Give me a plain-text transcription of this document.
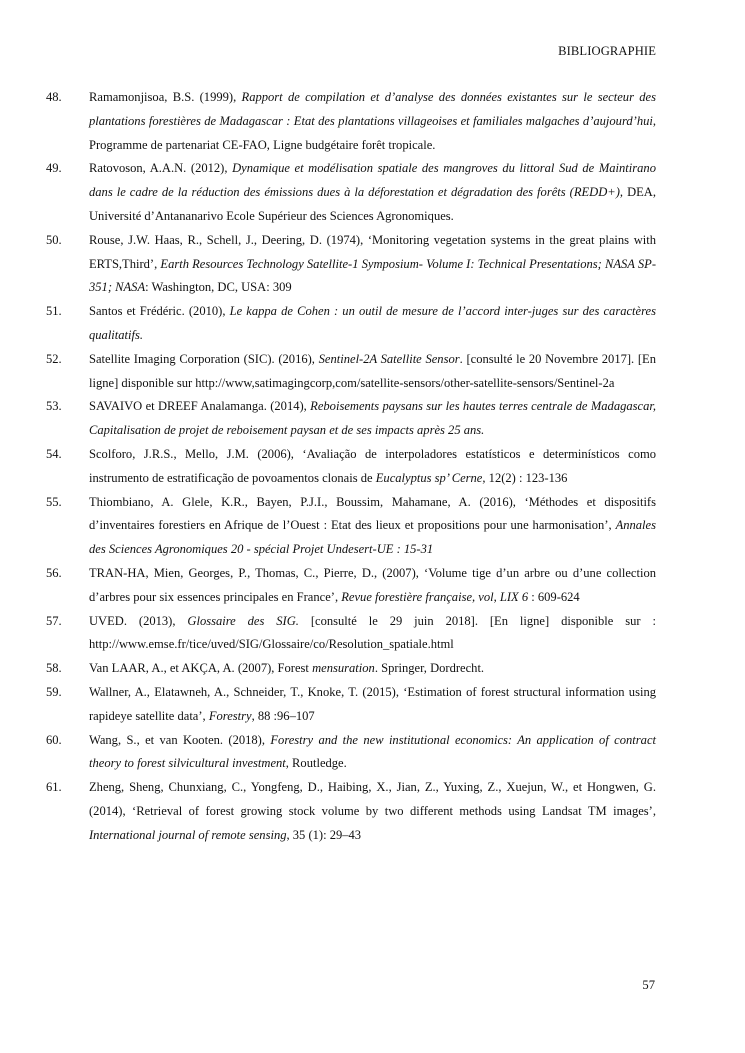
BIBLIOGRAPHIE
48. Ramamonjisoa, B.S. (1999), Rapport de compilation et d’analyse des données existantes sur le secteur des plantations forestières de Madagascar : Etat des plantations villageoises et familiales malgaches d’aujourd’hui, Programme de partenariat CE-FAO, Ligne budgétaire forêt tropicale.
49. Ratovoson, A.A.N. (2012), Dynamique et modélisation spatiale des mangroves du littoral Sud de Maintirano dans le cadre de la réduction des émissions dues à la déforestation et dégradation des forêts (REDD+), DEA, Université d’Antananarivo Ecole Supérieur des Sciences Agronomiques.
50. Rouse, J.W. Haas, R., Schell, J., Deering, D. (1974), ‘Monitoring vegetation systems in the great plains with ERTS,Third’, Earth Resources Technology Satellite-1 Symposium- Volume I: Technical Presentations; NASA SP-351; NASA: Washington, DC, USA: 309
51. Santos et Frédéric. (2010), Le kappa de Cohen : un outil de mesure de l’accord inter-juges sur des caractères qualitatifs.
52. Satellite Imaging Corporation (SIC). (2016), Sentinel-2A Satellite Sensor. [consulté le 20 Novembre 2017]. [En ligne] disponible sur http://www,satimagingcorp,com/satellite-sensors/other-satellite-sensors/Sentinel-2a
53. SAVAIVO et DREEF Analamanga. (2014), Reboisements paysans sur les hautes terres centrale de Madagascar, Capitalisation de projet de reboisement paysan et de ses impacts après 25 ans.
54. Scolforo, J.R.S., Mello, J.M. (2006), ‘Avaliação de interpoladores estatísticos e determinísticos como instrumento de estratificação de povoamentos clonais de Eucalyptus sp’ Cerne, 12(2) : 123-136
55. Thiombiano, A. Glele, K.R., Bayen, P.J.I., Boussim, Mahamane, A. (2016), ‘Méthodes et dispositifs d’inventaires forestiers en Afrique de l’Ouest : Etat des lieux et propositions pour une harmonisation’, Annales des Sciences Agronomiques 20 - spécial Projet Undesert-UE : 15-31
56. TRAN-HA, Mien, Georges, P., Thomas, C., Pierre, D., (2007), ‘Volume tige d’un arbre ou d’une collection d’arbres pour six essences principales en France’, Revue forestière française, vol, LIX 6 : 609-624
57. UVED. (2013), Glossaire des SIG. [consulté le 29 juin 2018]. [En ligne] disponible sur : http://www.emse.fr/tice/uved/SIG/Glossaire/co/Resolution_spatiale.html
58. Van LAAR, A., et AKÇA, A. (2007), Forest mensuration. Springer, Dordrecht.
59. Wallner, A., Elatawneh, A., Schneider, T., Knoke, T. (2015), ‘Estimation of forest structural information using rapideye satellite data’, Forestry, 88 :96–107
60. Wang, S., et van Kooten. (2018), Forestry and the new institutional economics: An application of contract theory to forest silvicultural investment, Routledge.
61. Zheng, Sheng, Chunxiang, C., Yongfeng, D., Haibing, X., Jian, Z., Yuxing, Z., Xuejun, W., et Hongwen, G. (2014), ‘Retrieval of forest growing stock volume by two different methods using Landsat TM images’, International journal of remote sensing, 35 (1): 29–43
57
